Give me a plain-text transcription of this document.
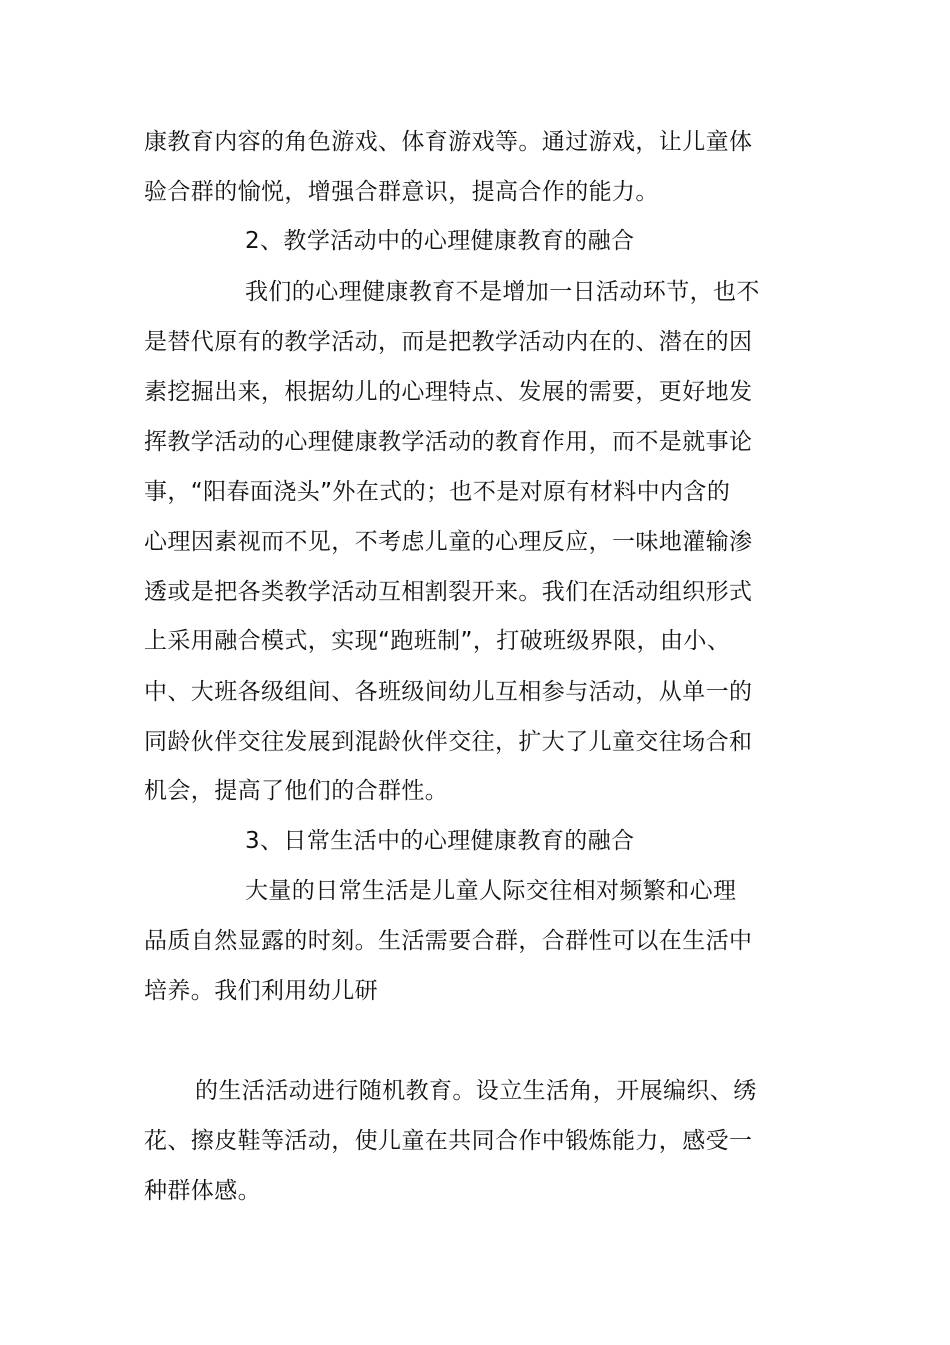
康教育内容的角色游戏、体育游戏等。通过游戏，让儿童体
验合群的愉悦，增强合群意识，提高合作的能力。
2、教学活动中的心理健康教育的融合
我们的心理健康教育不是增加一日活动环节，也不
是替代原有的教学活动，而是把教学活动内在的、潜在的因
素挖掘出来，根据幼儿的心理特点、发展的需要，更好地发
挥教学活动的心理健康教学活动的教育作用，而不是就事论
事，“阳春面浇头”外在式的；也不是对原有材料中内含的
心理因素视而不见，不考虑儿童的心理反应，一味地灌输渗
透或是把各类教学活动互相割裂开来。我们在活动组织形式
上采用融合模式，实现“跑班制”，打破班级界限，由小、
中、大班各级组间、各班级间幼儿互相参与活动，从单一的
同龄伙伴交往发展到混龄伙伴交往，扩大了儿童交往场合和
机会，提高了他们的合群性。
3、日常生活中的心理健康教育的融合
大量的日常生活是儿童人际交往相对频繁和心理
品质自然显露的时刻。生活需要合群，合群性可以在生活中
培养。我们利用幼儿研
的生活活动进行随机教育。设立生活角，开展编织、绣
花、擦皮鞋等活动，使儿童在共同合作中锻炼能力，感受一
种群体感。
